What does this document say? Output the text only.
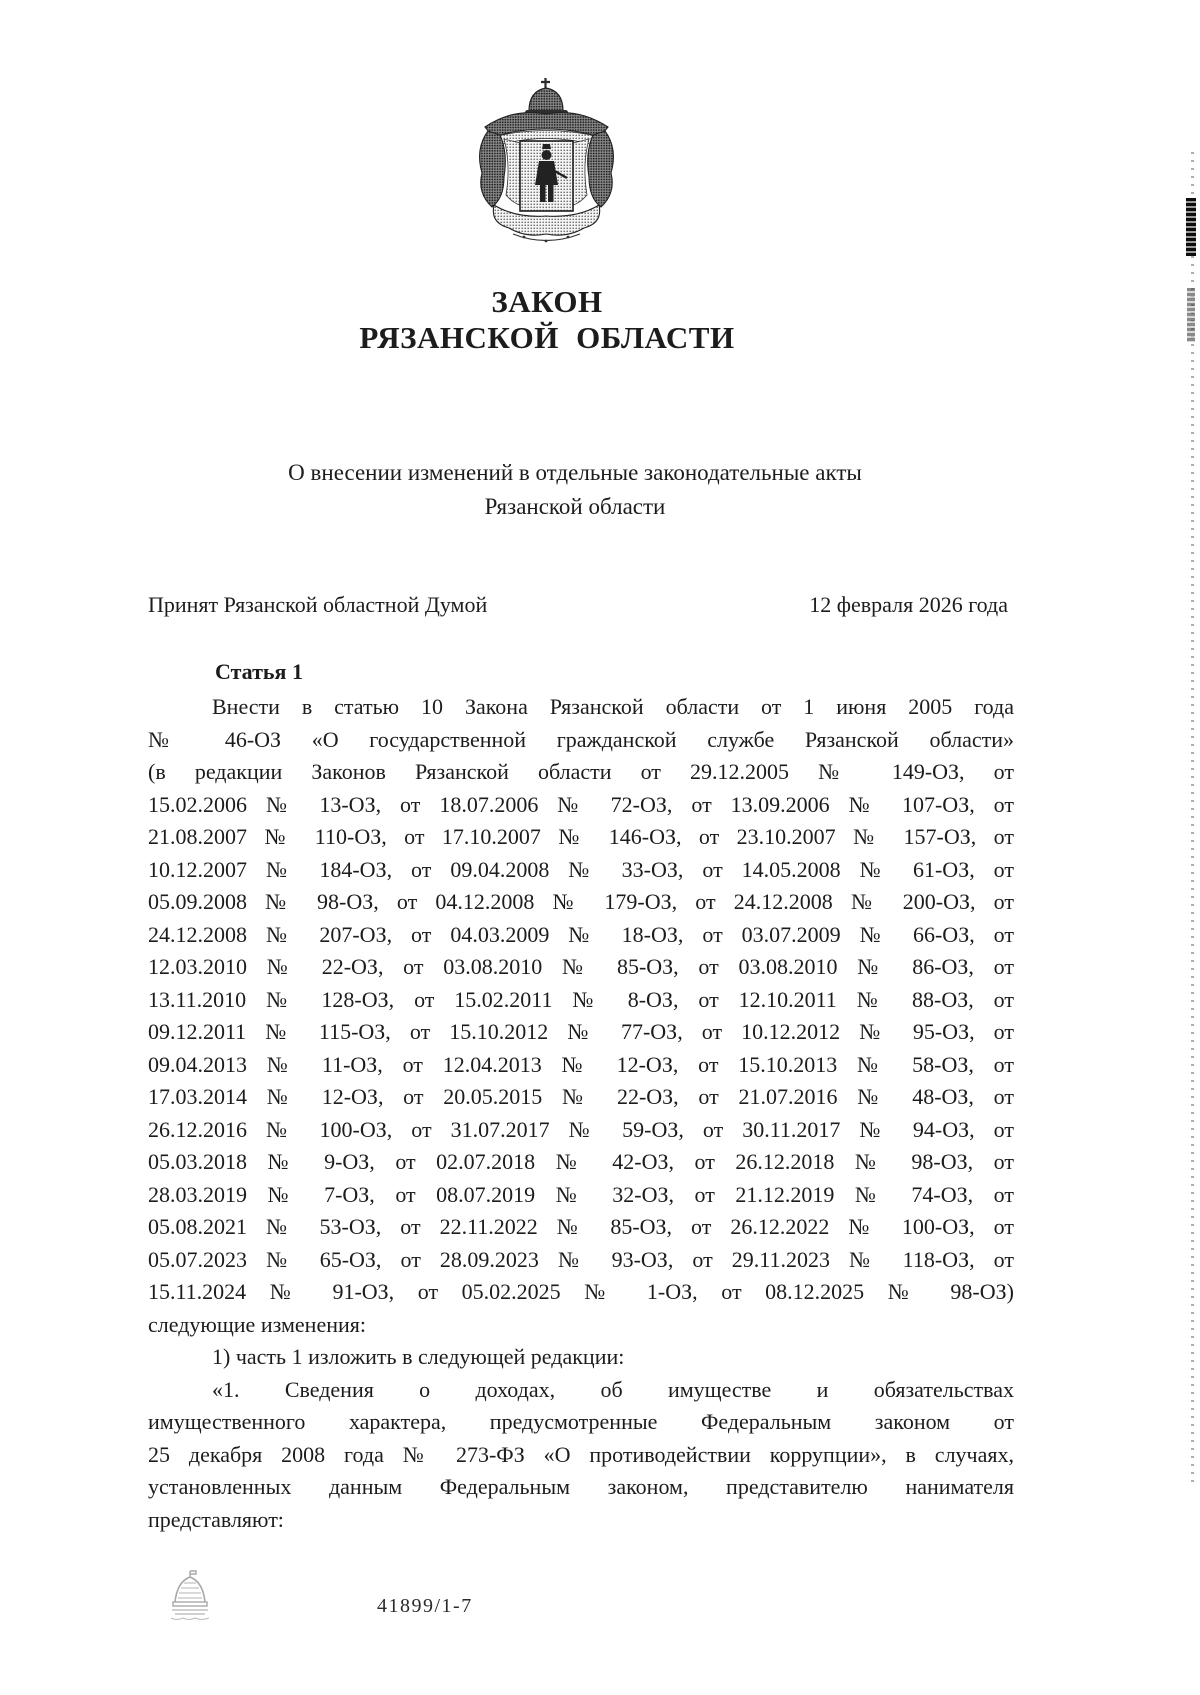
ЗАКОН
РЯЗАНСКОЙ ОБЛАСТИ
О внесении изменений в отдельные законодательные акты
Рязанской области
Принят Рязанской областной Думой	12 февраля 2026 года
Статья 1
Внести в статью 10 Закона Рязанской области от 1 июня 2005 года
№ 46-ОЗ «О государственной гражданской службе Рязанской области»
(в редакции Законов Рязанской области от 29.12.2005 № 149-ОЗ, от
15.02.2006 № 13-ОЗ, от 18.07.2006 № 72-ОЗ, от 13.09.2006 № 107-ОЗ, от
21.08.2007 № 110-ОЗ, от 17.10.2007 № 146-ОЗ, от 23.10.2007 № 157-ОЗ, от
10.12.2007 № 184-ОЗ, от 09.04.2008 № 33-ОЗ, от 14.05.2008 № 61-ОЗ, от
05.09.2008 № 98-ОЗ, от 04.12.2008 № 179-ОЗ, от 24.12.2008 № 200-ОЗ, от
24.12.2008 № 207-ОЗ, от 04.03.2009 № 18-ОЗ, от 03.07.2009 № 66-ОЗ, от
12.03.2010 № 22-ОЗ, от 03.08.2010 № 85-ОЗ, от 03.08.2010 № 86-ОЗ, от
13.11.2010 № 128-ОЗ, от 15.02.2011 № 8-ОЗ, от 12.10.2011 № 88-ОЗ, от
09.12.2011 № 115-ОЗ, от 15.10.2012 № 77-ОЗ, от 10.12.2012 № 95-ОЗ, от
09.04.2013 № 11-ОЗ, от 12.04.2013 № 12-ОЗ, от 15.10.2013 № 58-ОЗ, от
17.03.2014 № 12-ОЗ, от 20.05.2015 № 22-ОЗ, от 21.07.2016 № 48-ОЗ, от
26.12.2016 № 100-ОЗ, от 31.07.2017 № 59-ОЗ, от 30.11.2017 № 94-ОЗ, от
05.03.2018 № 9-ОЗ, от 02.07.2018 № 42-ОЗ, от 26.12.2018 № 98-ОЗ, от
28.03.2019 № 7-ОЗ, от 08.07.2019 № 32-ОЗ, от 21.12.2019 № 74-ОЗ, от
05.08.2021 № 53-ОЗ, от 22.11.2022 № 85-ОЗ, от 26.12.2022 № 100-ОЗ, от
05.07.2023 № 65-ОЗ, от 28.09.2023 № 93-ОЗ, от 29.11.2023 № 118-ОЗ, от
15.11.2024 № 91-ОЗ, от 05.02.2025 № 1-ОЗ, от 08.12.2025 № 98-ОЗ)
следующие изменения:
1) часть 1 изложить в следующей редакции:
«1. Сведения о доходах, об имуществе и обязательствах
имущественного характера, предусмотренные Федеральным законом от
25 декабря 2008 года № 273-ФЗ «О противодействии коррупции», в случаях,
установленных данным Федеральным законом, представителю нанимателя
представляют:
41899/1-7
